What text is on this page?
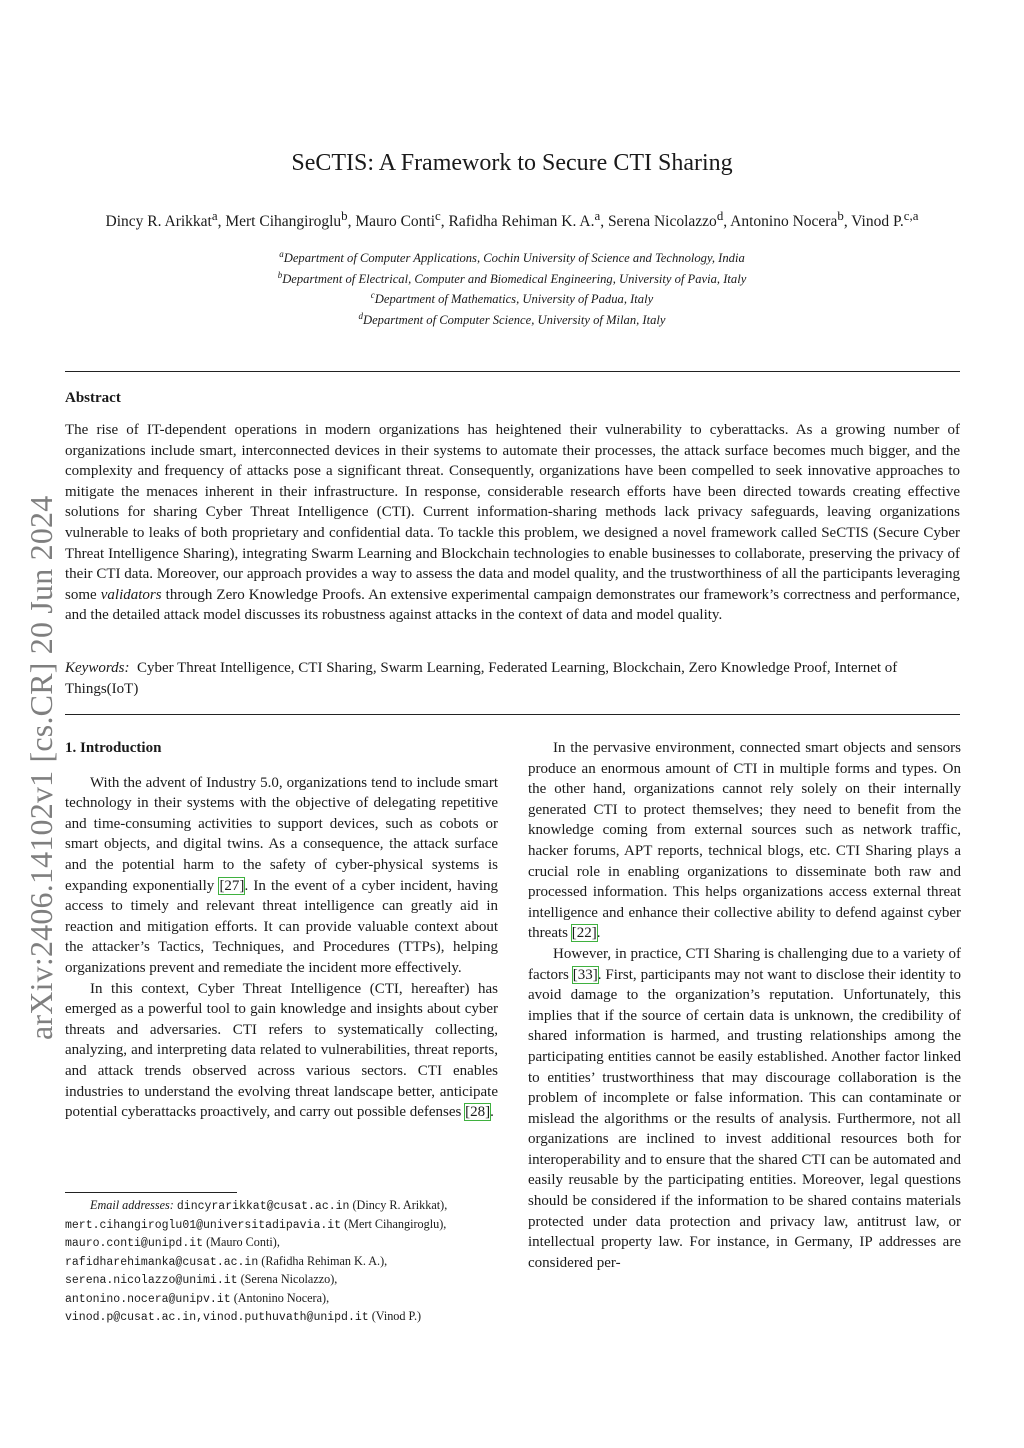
arXiv:2406.14102v1 [cs.CR] 20 Jun 2024
SeCTIS: A Framework to Secure CTI Sharing
Dincy R. Arikkat$^a$, Mert Cihangiroglu$^b$, Mauro Conti$^c$, Rafidha Rehiman K. A.$^a$, Serena Nicolazzo$^d$, Antonino Nocera$^b$, Vinod P.$^{c,a}$
$^a$Department of Computer Applications, Cochin University of Science and Technology, India
$^b$Department of Electrical, Computer and Biomedical Engineering, University of Pavia, Italy
$^c$Department of Mathematics, University of Padua, Italy
$^d$Department of Computer Science, University of Milan, Italy
Abstract
The rise of IT-dependent operations in modern organizations has heightened their vulnerability to cyberattacks. As a growing number of organizations include smart, interconnected devices in their systems to automate their processes, the attack surface becomes much bigger, and the complexity and frequency of attacks pose a significant threat. Consequently, organizations have been compelled to seek innovative approaches to mitigate the menaces inherent in their infrastructure. In response, considerable research efforts have been directed towards creating effective solutions for sharing Cyber Threat Intelligence (CTI). Current information-sharing methods lack privacy safeguards, leaving organizations vulnerable to leaks of both proprietary and confidential data. To tackle this problem, we designed a novel framework called SeCTIS (Secure Cyber Threat Intelligence Sharing), integrating Swarm Learning and Blockchain technologies to enable businesses to collaborate, preserving the privacy of their CTI data. Moreover, our approach provides a way to assess the data and model quality, and the trustworthiness of all the participants leveraging some validators through Zero Knowledge Proofs. An extensive experimental campaign demonstrates our framework’s correctness and performance, and the detailed attack model discusses its robustness against attacks in the context of data and model quality.
Keywords: Cyber Threat Intelligence, CTI Sharing, Swarm Learning, Federated Learning, Blockchain, Zero Knowledge Proof, Internet of Things(IoT)
1. Introduction

With the advent of Industry 5.0, organizations tend to include smart technology in their systems with the objective of delegating repetitive and time-consuming activities to support devices, such as cobots or smart objects, and digital twins. As a consequence, the attack surface and the potential harm to the safety of cyber-physical systems is expanding exponentially [27]. In the event of a cyber incident, having access to timely and relevant threat intelligence can greatly aid in reaction and mitigation efforts. It can provide valuable context about the attacker’s Tactics, Techniques, and Procedures (TTPs), helping organizations prevent and remediate the incident more effectively.

In this context, Cyber Threat Intelligence (CTI, hereafter) has emerged as a powerful tool to gain knowledge and insights about cyber threats and adversaries. CTI refers to systematically collecting, analyzing, and interpreting data related to vulnerabilities, threat reports, and attack trends observed across various sectors. CTI enables industries to understand the evolving threat landscape better, anticipate potential cyberattacks proactively, and carry out possible defenses [28].

In the pervasive environment, connected smart objects and sensors produce an enormous amount of CTI in multiple forms and types. On the other hand, organizations cannot rely solely on their internally generated CTI to protect themselves; they need to benefit from the knowledge coming from external sources such as network traffic, hacker forums, APT reports, technical blogs, etc. CTI Sharing plays a crucial role in enabling organizations to disseminate both raw and processed information. This helps organizations access external threat intelligence and enhance their collective ability to defend against cyber threats [22].

However, in practice, CTI Sharing is challenging due to a variety of factors [33]. First, participants may not want to disclose their identity to avoid damage to the organization’s reputation. Unfortunately, this implies that if the source of certain data is unknown, the credibility of shared information is harmed, and trusting relationships among the participating entities cannot be easily established. Another factor linked to entities’ trustworthiness that may discourage collaboration is the problem of incomplete or false information. This can contaminate or mislead the algorithms or the results of analysis. Furthermore, not all organizations are inclined to invest additional resources both for interoperability and to ensure that the shared CTI can be automated and easily reusable by the participating entities. Moreover, legal questions should be considered if the information to be shared contains materials protected under data protection and privacy law, antitrust law, or intellectual property law. For instance, in Germany, IP addresses are considered per-

Email addresses: dincyrarikkat@cusat.ac.in (Dincy R. Arikkat),
mert.cihangiroglu01@universitadipavia.it (Mert Cihangiroglu),
mauro.conti@unipd.it (Mauro Conti),
rafidharehimanka@cusat.ac.in (Rafidha Rehiman K. A.),
serena.nicolazzo@unimi.it (Serena Nicolazzo),
antonino.nocera@unipv.it (Antonino Nocera),
vinod.p@cusat.ac.in,vinod.puthuvath@unipd.it (Vinod P.)
